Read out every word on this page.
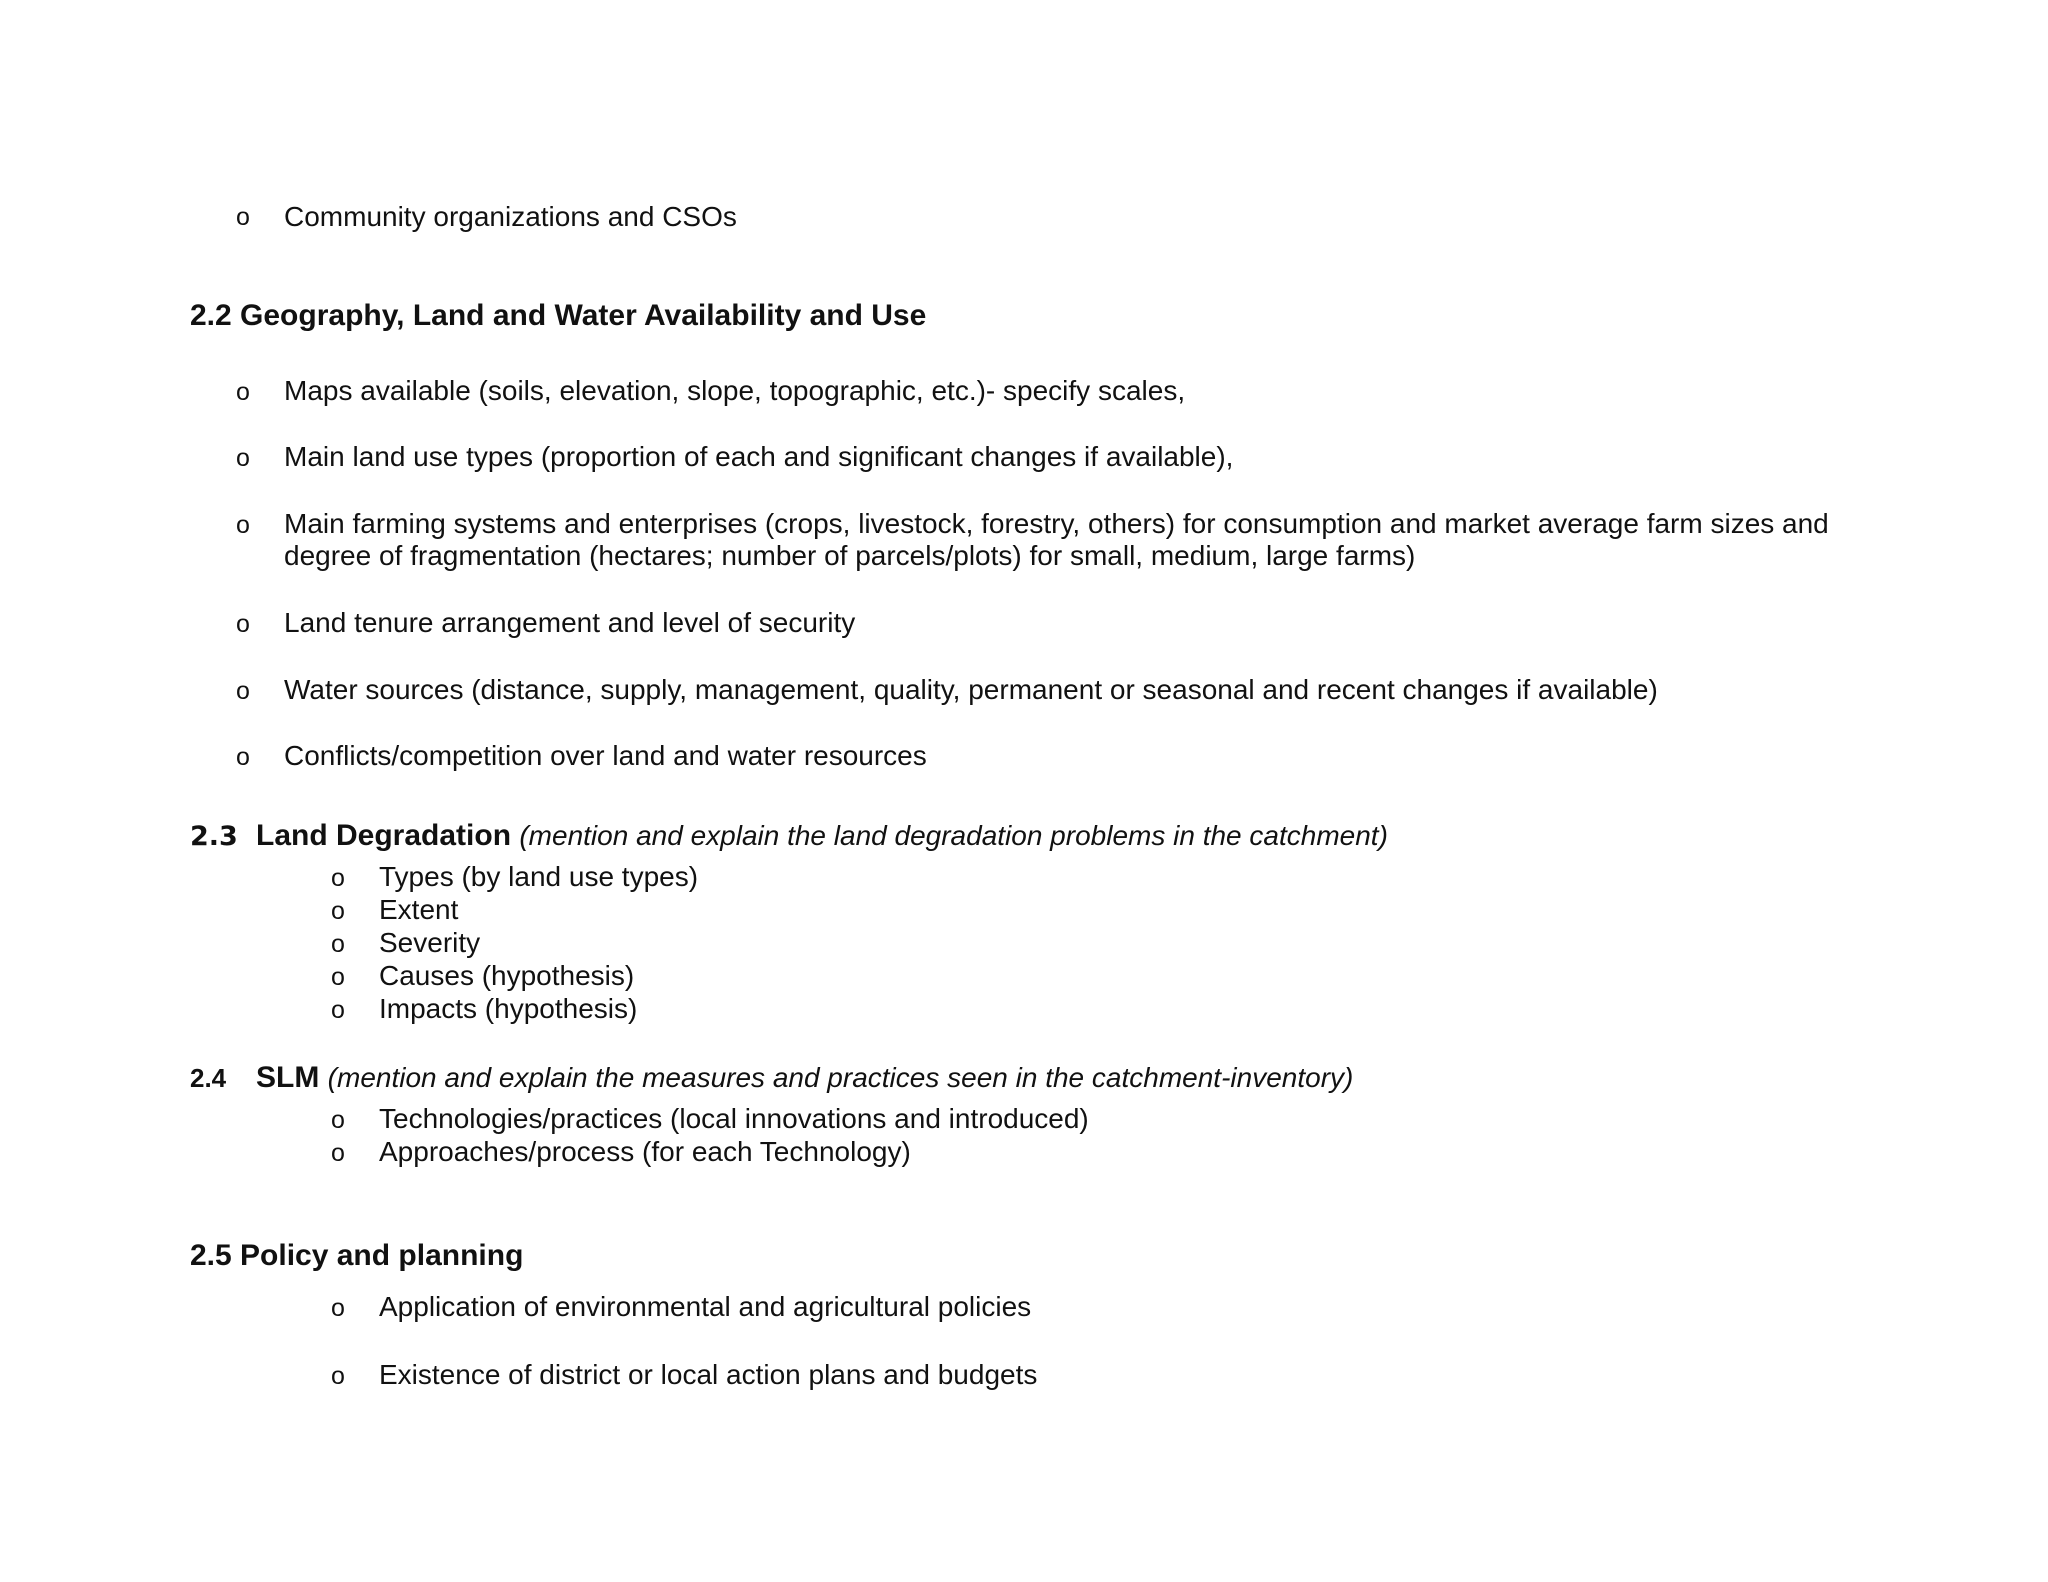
o Community organizations and CSOs
2.2 Geography, Land and Water Availability and Use
o Maps available (soils, elevation, slope, topographic, etc.)- specify scales,
o Main land use types (proportion of each and significant changes if available),
o Main farming systems and enterprises (crops, livestock, forestry, others) for consumption and market average farm sizes and
degree of fragmentation (hectares; number of parcels/plots) for small, medium, large farms)
o Land tenure arrangement and level of security
o Water sources (distance, supply, management, quality, permanent or seasonal and recent changes if available)
o Conflicts/competition over land and water resources
2.3 Land Degradation (mention and explain the land degradation problems in the catchment)
o Types (by land use types)
o Extent
o Severity
o Causes (hypothesis)
o Impacts (hypothesis)
2.4 SLM (mention and explain the measures and practices seen in the catchment-inventory)
o Technologies/practices (local innovations and introduced)
o Approaches/process (for each Technology)
2.5 Policy and planning
o Application of environmental and agricultural policies
o Existence of district or local action plans and budgets
